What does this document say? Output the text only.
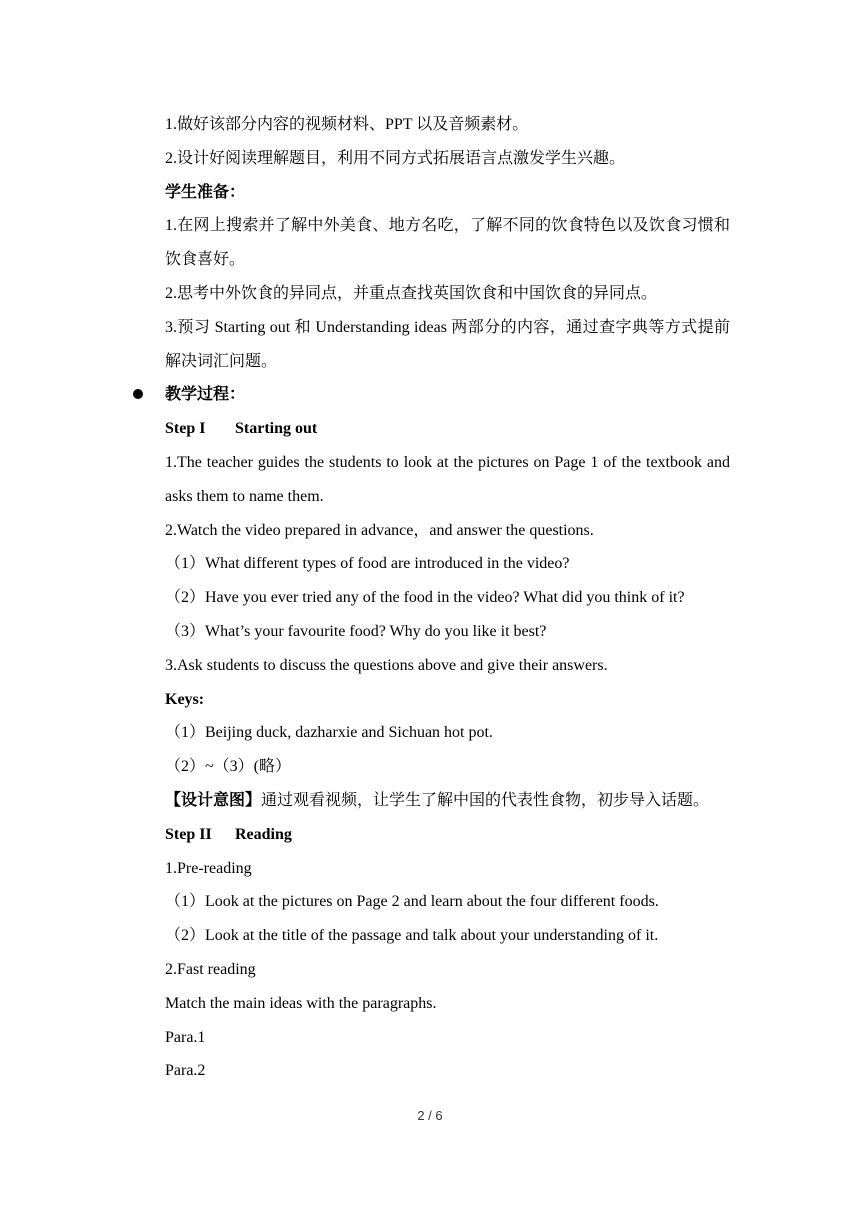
1.做好该部分内容的视频材料、PPT 以及音频素材。
2.设计好阅读理解题目，利用不同方式拓展语言点激发学生兴趣。
学生准备：
1.在网上搜索并了解中外美食、地方名吃，了解不同的饮食特色以及饮食习惯和饮食喜好。
2.思考中外饮食的异同点，并重点查找英国饮食和中国饮食的异同点。
3.预习 Starting out 和 Understanding ideas 两部分的内容，通过查字典等方式提前解决词汇问题。
教学过程：
Step I Starting out
1.The teacher guides the students to look at the pictures on Page 1 of the textbook and asks them to name them.
2.Watch the video prepared in advance，and answer the questions.
（1）What different types of food are introduced in the video?
（2）Have you ever tried any of the food in the video? What did you think of it?
（3）What’s your favourite food? Why do you like it best?
3.Ask students to discuss the questions above and give their answers.
Keys:
（1）Beijing duck, dazharxie and Sichuan hot pot.
（2）~（3）(略）
【设计意图】通过观看视频，让学生了解中国的代表性食物，初步导入话题。
Step II Reading
1.Pre-reading
（1）Look at the pictures on Page 2 and learn about the four different foods.
（2）Look at the title of the passage and talk about your understanding of it.
2.Fast reading
Match the main ideas with the paragraphs.
Para.1
Para.2
2 / 6
